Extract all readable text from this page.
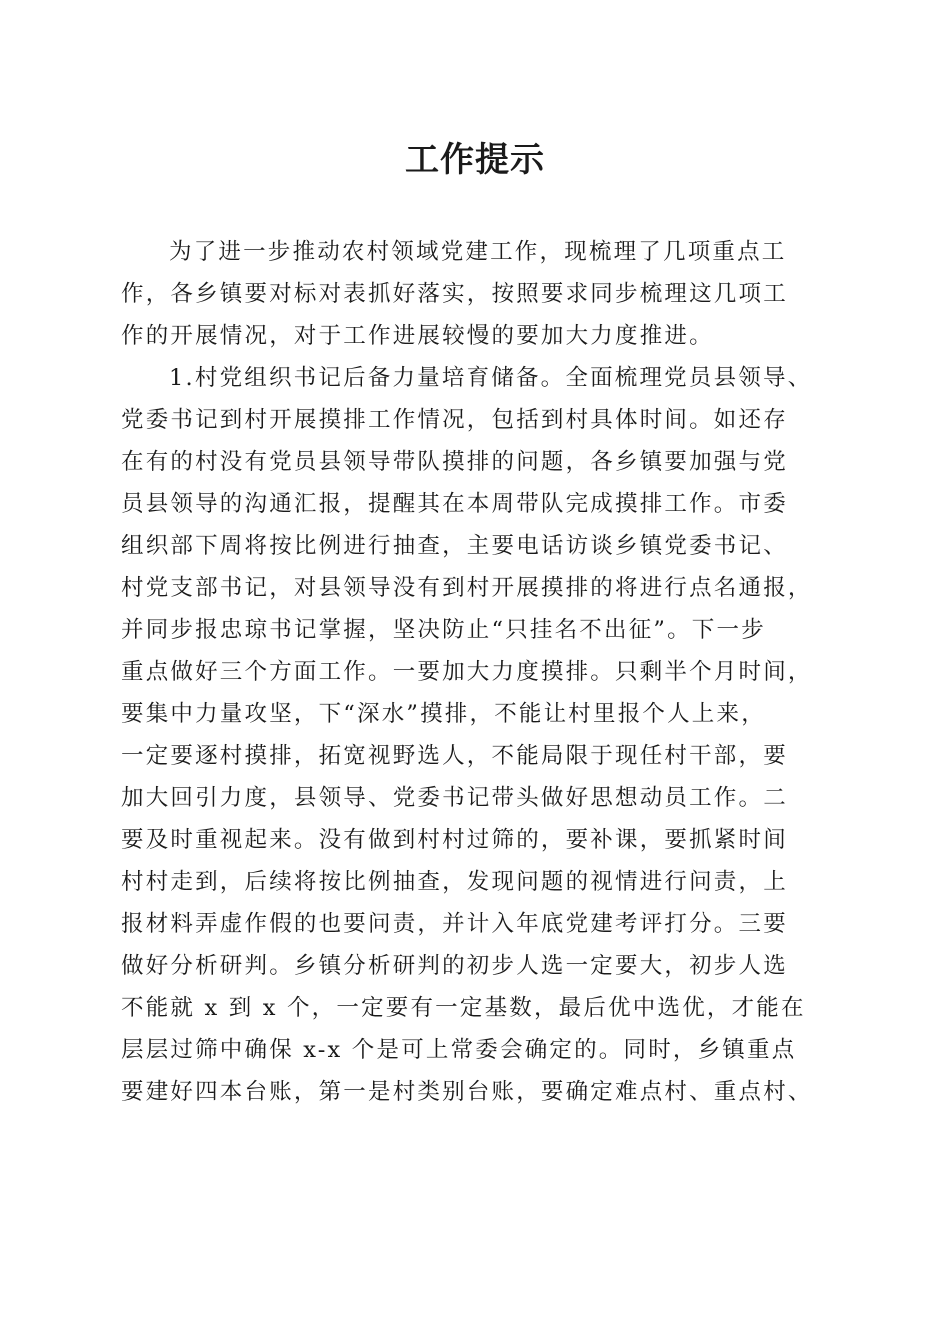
工作提示
为了进一步推动农村领域党建工作，现梳理了几项重点工
作，各乡镇要对标对表抓好落实，按照要求同步梳理这几项工
作的开展情况，对于工作进展较慢的要加大力度推进。
1.村党组织书记后备力量培育储备。全面梳理党员县领导、
党委书记到村开展摸排工作情况，包括到村具体时间。如还存
在有的村没有党员县领导带队摸排的问题，各乡镇要加强与党
员县领导的沟通汇报，提醒其在本周带队完成摸排工作。市委
组织部下周将按比例进行抽查，主要电话访谈乡镇党委书记、
村党支部书记，对县领导没有到村开展摸排的将进行点名通报，
并同步报忠琼书记掌握，坚决防止“只挂名不出征”。下一步
重点做好三个方面工作。一要加大力度摸排。只剩半个月时间，
要集中力量攻坚，下“深水”摸排，不能让村里报个人上来，
一定要逐村摸排，拓宽视野选人，不能局限于现任村干部，要
加大回引力度，县领导、党委书记带头做好思想动员工作。二
要及时重视起来。没有做到村村过筛的，要补课，要抓紧时间
村村走到，后续将按比例抽查，发现问题的视情进行问责，上
报材料弄虚作假的也要问责，并计入年底党建考评打分。三要
做好分析研判。乡镇分析研判的初步人选一定要大，初步人选
不能就 x 到 x 个，一定要有一定基数，最后优中选优，才能在
层层过筛中确保 x-x 个是可上常委会确定的。同时，乡镇重点
要建好四本台账，第一是村类别台账，要确定难点村、重点村、
